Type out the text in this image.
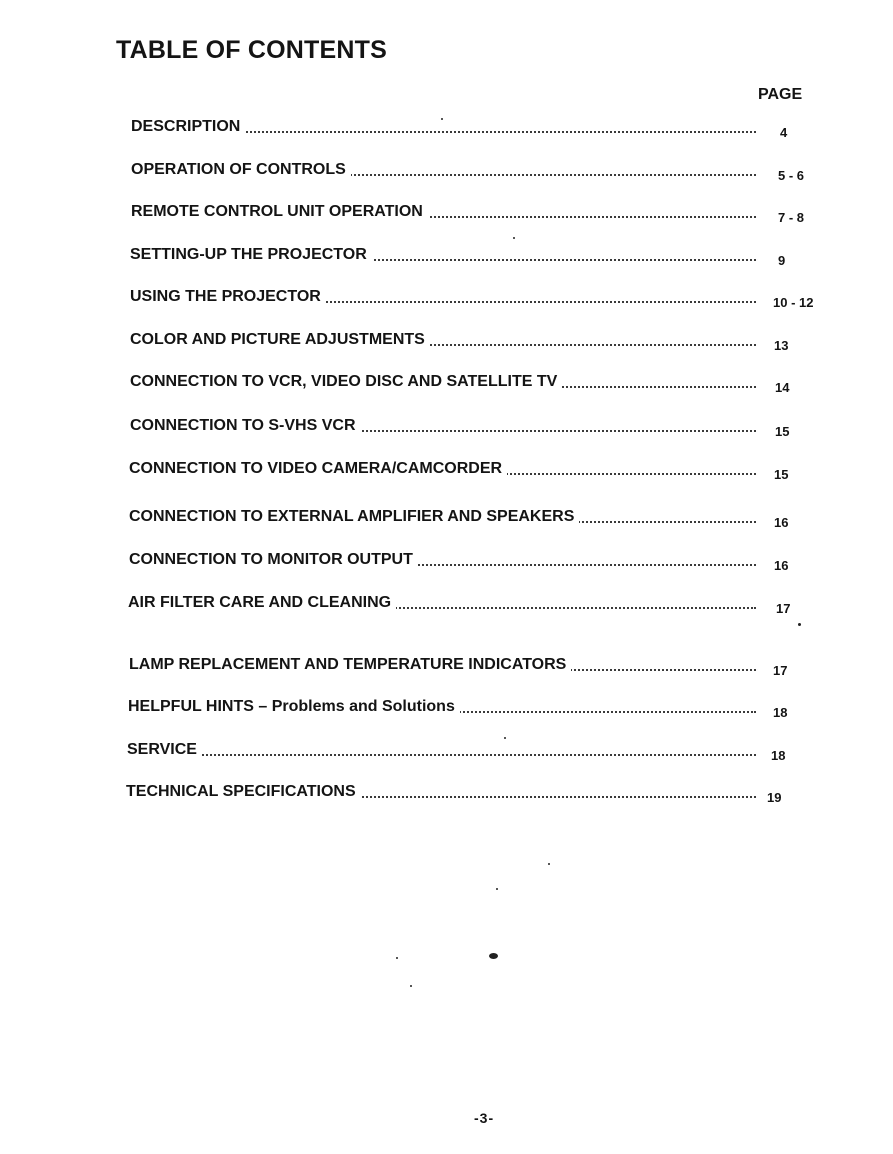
TABLE OF CONTENTS
PAGE
DESCRIPTION	4
OPERATION OF CONTROLS	5 - 6
REMOTE CONTROL UNIT OPERATION	7 - 8
SETTING-UP THE PROJECTOR	9
USING THE PROJECTOR	10 - 12
COLOR AND PICTURE ADJUSTMENTS	13
CONNECTION TO VCR, VIDEO DISC AND SATELLITE TV	14
CONNECTION TO S-VHS VCR	15
CONNECTION TO VIDEO CAMERA/CAMCORDER	15
CONNECTION TO EXTERNAL AMPLIFIER AND SPEAKERS	16
CONNECTION TO MONITOR OUTPUT	16
AIR FILTER CARE AND CLEANING	17
LAMP REPLACEMENT AND TEMPERATURE INDICATORS	17
HELPFUL HINTS – Problems and Solutions	18
SERVICE	18
TECHNICAL SPECIFICATIONS	19
-3-
